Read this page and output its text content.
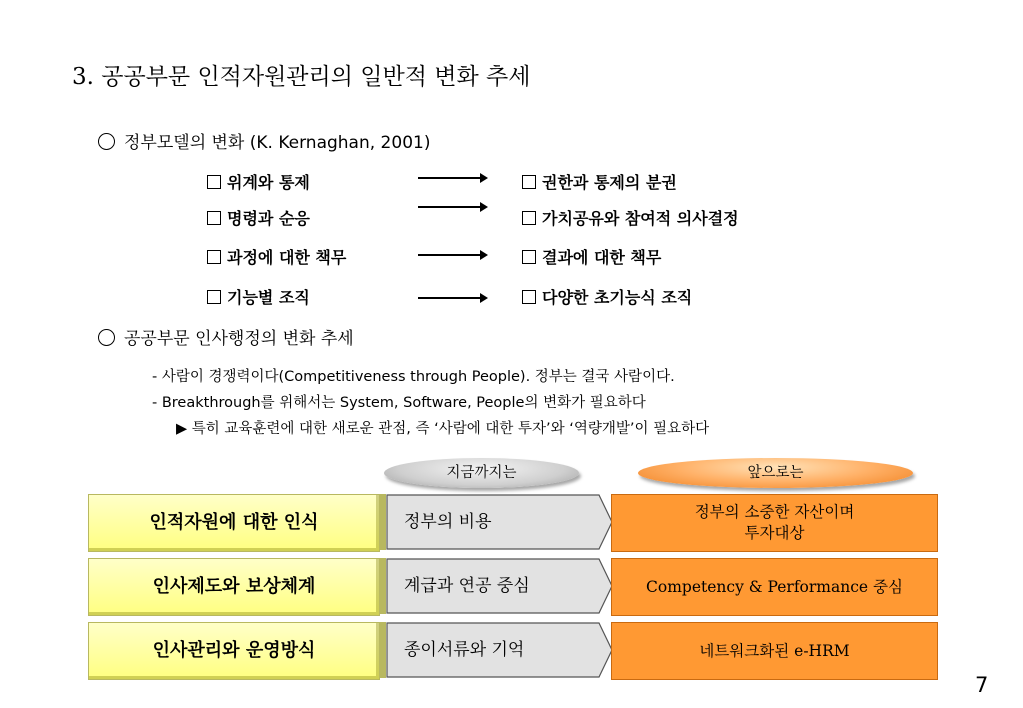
3. 공공부문 인적자원관리의 일반적 변화 추세
정부모델의 변화 (K. Kernaghan, 2001)
위계와 통제	권한과 통제의 분권
명령과 순응	가치공유와 참여적 의사결정
과정에 대한 책무	결과에 대한 책무
기능별 조직	다양한 초기능식 조직
공공부문 인사행정의 변화 추세
- 사람이 경쟁력이다(Competitiveness through People). 정부는 결국 사람이다.
- Breakthrough를 위해서는 System, Software, People의 변화가 필요하다
▶ 특히 교육훈련에 대한 새로운 관점, 즉 ‘사람에 대한 투자’와 ‘역량개발’이 필요하다
지금까지는	앞으로는
인적자원에 대한 인식	정부의 비용	정부의 소중한 자산이며
투자대상
인사제도와 보상체계	계급과 연공 중심	Competency & Performance 중심
인사관리와 운영방식	종이서류와 기억	네트워크화된 e-HRM
7
